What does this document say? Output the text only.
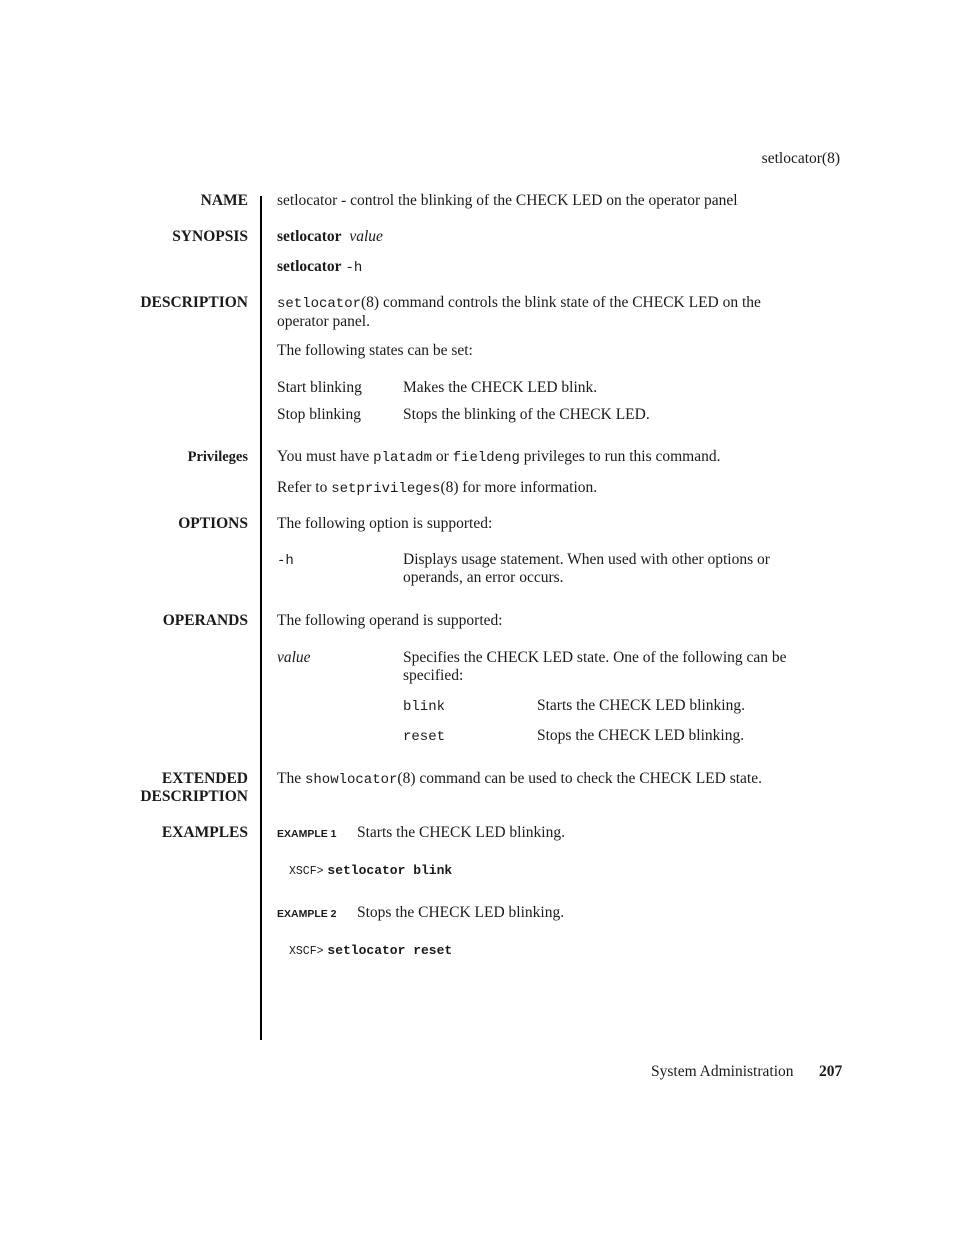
setlocator(8)
NAME setlocator - control the blinking of the CHECK LED on the operator panel
SYNOPSIS setlocator value
setlocator -h
DESCRIPTION setlocator(8) command controls the blink state of the CHECK LED on the
operator panel.
The following states can be set:
Start blinking	Makes the CHECK LED blink.
Stop blinking	Stops the blinking of the CHECK LED.
Privileges You must have platadm or fieldeng privileges to run this command.
Refer to setprivileges(8) for more information.
OPTIONS The following option is supported:
-h	Displays usage statement. When used with other options or
operands, an error occurs.
OPERANDS The following operand is supported:
value	Specifies the CHECK LED state. One of the following can be
specified:
blink	Starts the CHECK LED blinking.
reset	Stops the CHECK LED blinking.
EXTENDED
DESCRIPTION
The showlocator(8) command can be used to check the CHECK LED state.
EXAMPLES	EXAMPLE 1 Starts the CHECK LED blinking.
XSCF> setlocator blink
EXAMPLE 2 Stops the CHECK LED blinking.
XSCF> setlocator reset
System Administration 207
